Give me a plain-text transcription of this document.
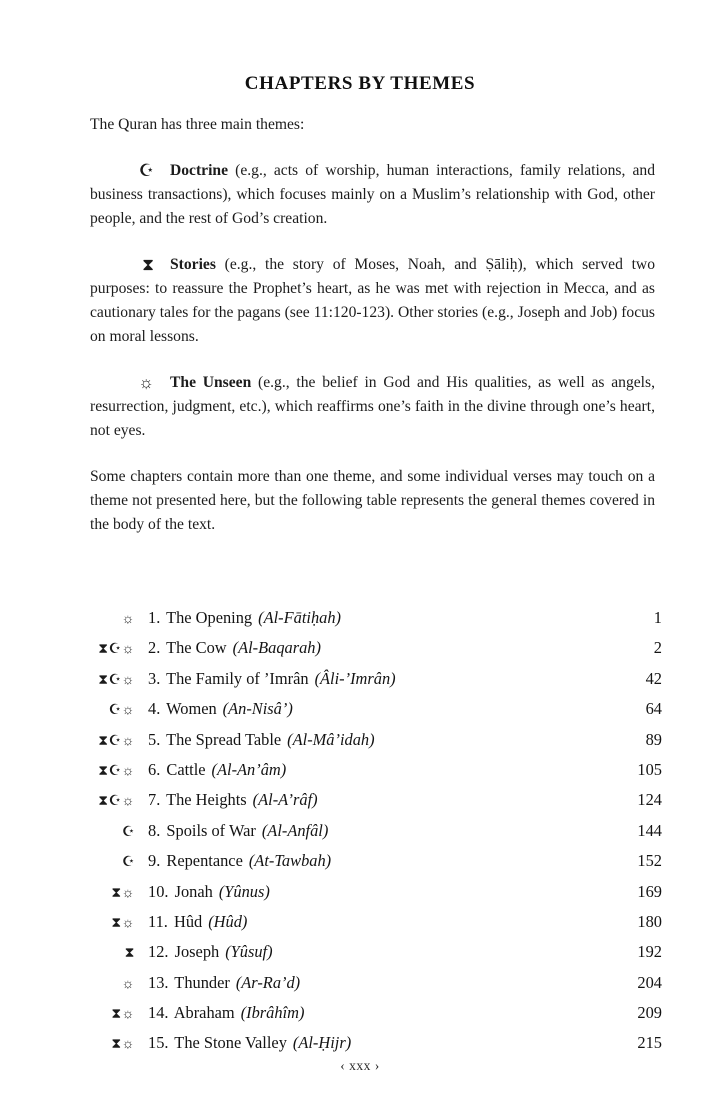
CHAPTERS BY THEMES

The Quran has three main themes:

☪ Doctrine (e.g., acts of worship, human interactions, family relations, and business transactions), which focuses mainly on a Muslim’s relationship with God, other people, and the rest of God’s creation.

⧗ Stories (e.g., the story of Moses, Noah, and Ṣāliḥ), which served two purposes: to reassure the Prophet’s heart, as he was met with rejection in Mecca, and as cautionary tales for the pagans (see 11:120-123). Other stories (e.g., Joseph and Job) focus on moral lessons.

☼ The Unseen (e.g., the belief in God and His qualities, as well as angels, resurrection, judgment, etc.), which reaffirms one’s faith in the divine through one’s heart, not eyes.

Some chapters contain more than one theme, and some individual verses may touch on a theme not presented here, but the following table represents the general themes covered in the body of the text.

☼ 1. The Opening (Al-Fātiḥah)	1
⧗☪☼ 2. The Cow (Al-Baqarah)	2
⧗☪☼ 3. The Family of ’Imrân (Âli-’Imrân)	42
☪☼ 4. Women (An-Nisâ’)	64
⧗☪☼ 5. The Spread Table (Al-Mâ’idah)	89
⧗☪☼ 6. Cattle (Al-An’âm)	105
⧗☪☼ 7. The Heights (Al-A’râf)	124
☪ 8. Spoils of War (Al-Anfâl)	144
☪ 9. Repentance (At-Tawbah)	152
⧗☼ 10. Jonah (Yûnus)	169
⧗☼ 11. Hûd (Hûd)	180
⧗ 12. Joseph (Yûsuf)	192
☼ 13. Thunder (Ar-Ra’d)	204
⧗☼ 14. Abraham (Ibrâhîm)	209
⧗☼ 15. The Stone Valley (Al-Ḥijr)	215
‹ xxx ›
